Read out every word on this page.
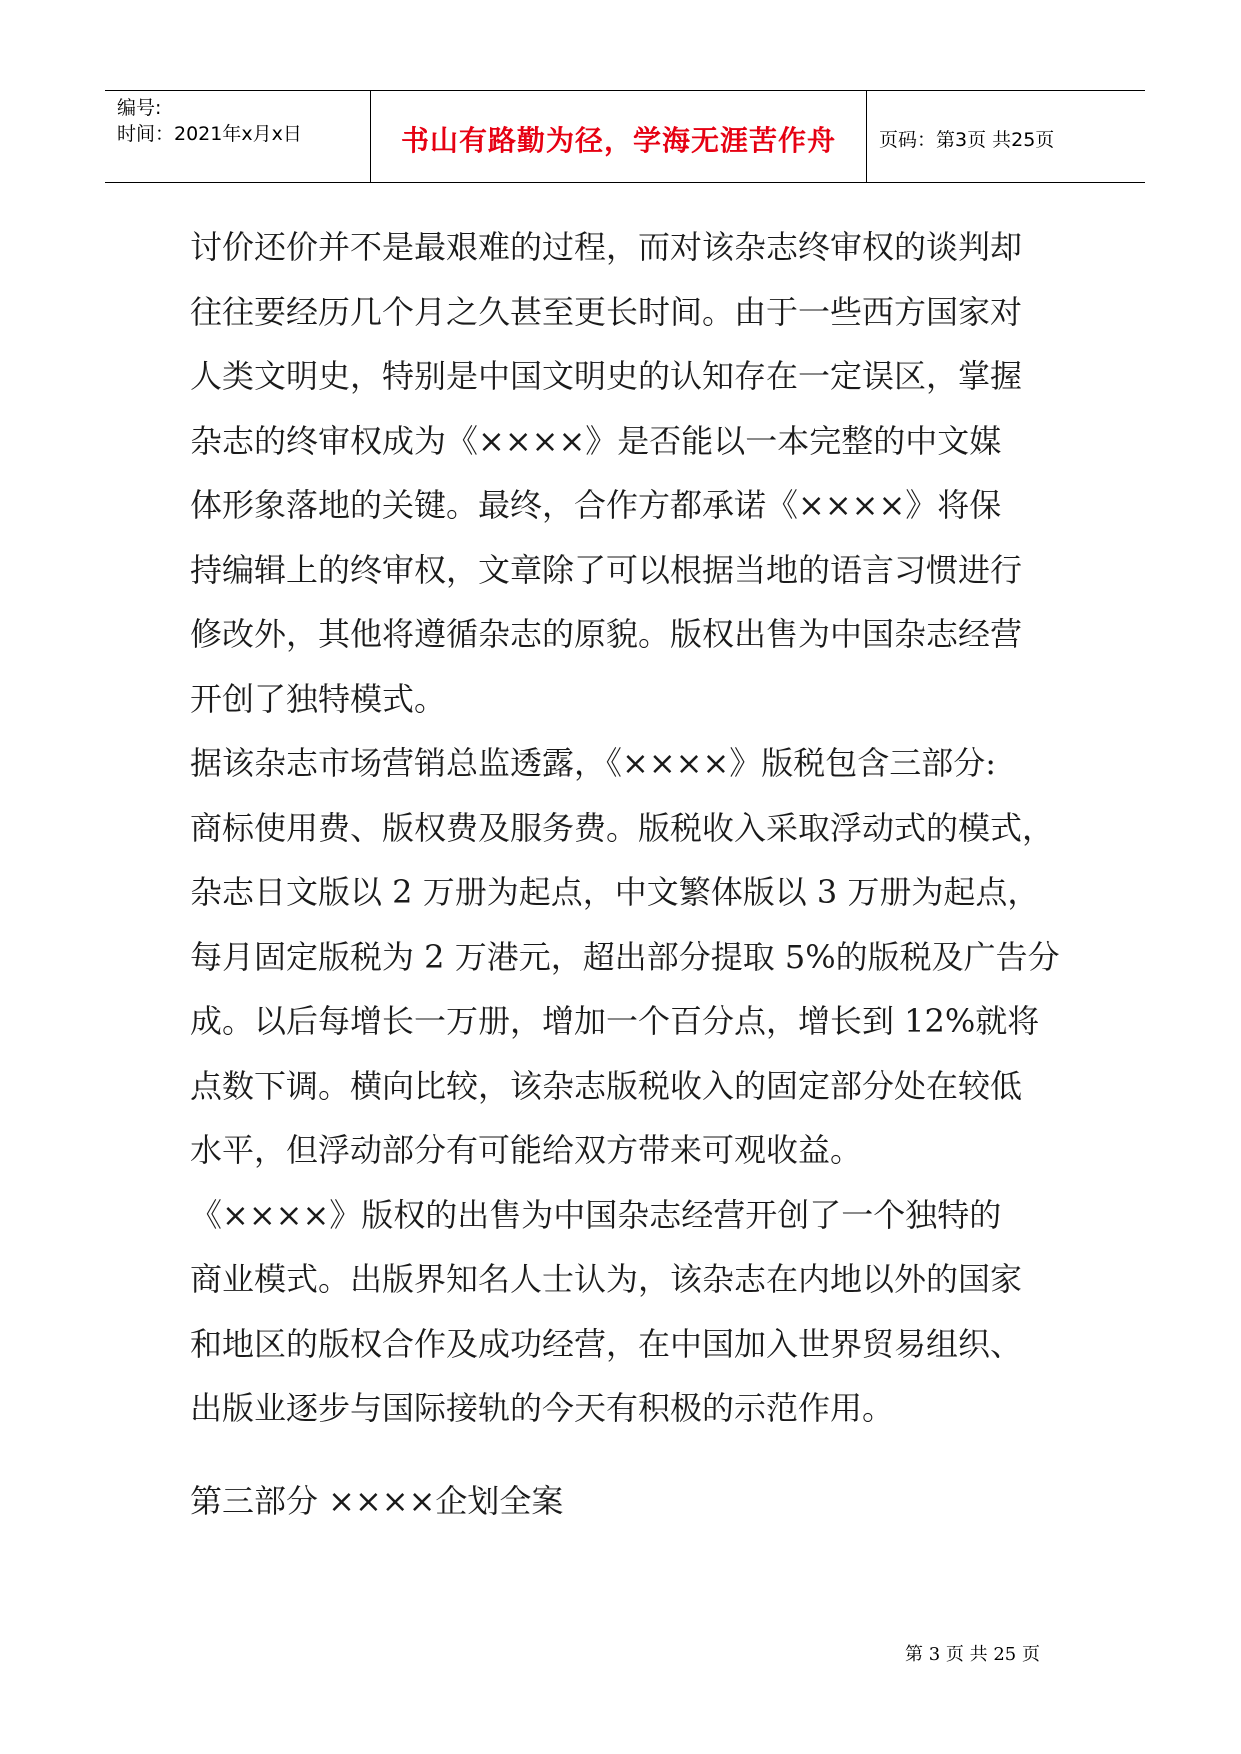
编号:
时间：2021年x月x日	书山有路勤为径，学海无涯苦作舟	页码：第3页 共25页
讨价还价并不是最艰难的过程，而对该杂志终审权的谈判却
往往要经历几个月之久甚至更长时间。由于一些西方国家对
人类文明史，特别是中国文明史的认知存在一定误区，掌握
杂志的终审权成为《××××》是否能以一本完整的中文媒
体形象落地的关键。最终，合作方都承诺《××××》将保
持编辑上的终审权，文章除了可以根据当地的语言习惯进行
修改外，其他将遵循杂志的原貌。版权出售为中国杂志经营
开创了独特模式。
据该杂志市场营销总监透露，《××××》版税包含三部分:
商标使用费、版权费及服务费。版税收入采取浮动式的模式，
杂志日文版以 2 万册为起点，中文繁体版以 3 万册为起点，
每月固定版税为 2 万港元，超出部分提取 5%的版税及广告分
成。以后每增长一万册，增加一个百分点，增长到 12%就将
点数下调。横向比较，该杂志版税收入的固定部分处在较低
水平，但浮动部分有可能给双方带来可观收益。
《××××》版权的出售为中国杂志经营开创了一个独特的
商业模式。出版界知名人士认为，该杂志在内地以外的国家
和地区的版权合作及成功经营，在中国加入世界贸易组织、
出版业逐步与国际接轨的今天有积极的示范作用。
第三部分 ××××企划全案
第 3 页 共 25 页
